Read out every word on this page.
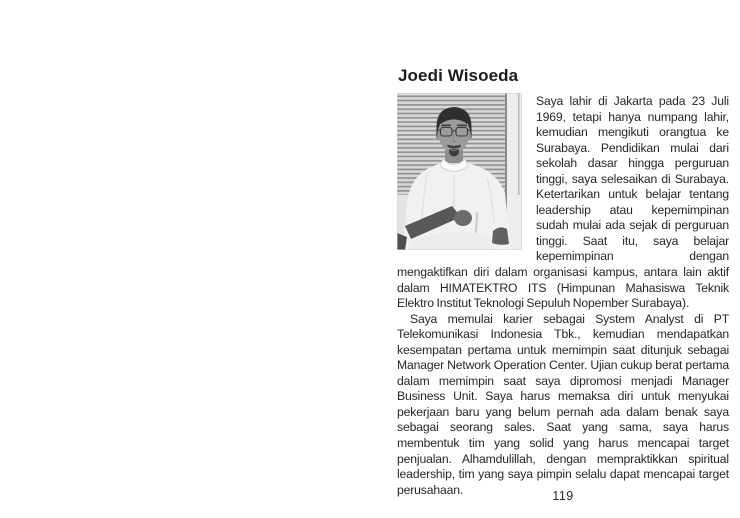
Joedi Wisoeda

Saya lahir di Jakarta pada 23 Juli 1969, tetapi hanya numpang lahir, kemudian mengikuti orangtua ke Surabaya. Pendidikan mulai dari sekolah dasar hingga perguruan tinggi, saya selesaikan di Surabaya. Ketertarikan untuk belajar tentang leadership atau kepemimpinan sudah mulai ada sejak di perguruan tinggi. Saat itu, saya belajar kepemimpinan dengan mengaktifkan diri dalam organisasi kampus, antara lain aktif dalam HIMATEKTRO ITS (Himpunan Mahasiswa Teknik Elektro Institut Teknologi Sepuluh Nopember Surabaya).

Saya memulai karier sebagai System Analyst di PT Telekomunikasi Indonesia Tbk., kemudian mendapatkan kesempatan pertama untuk memimpin saat ditunjuk sebagai Manager Network Operation Center. Ujian cukup berat pertama dalam memimpin saat saya dipromosi menjadi Manager Business Unit. Saya harus memaksa diri untuk menyukai pekerjaan baru yang belum pernah ada dalam benak saya sebagai seorang sales. Saat yang sama, saya harus membentuk tim yang solid yang harus mencapai target penjualan. Alhamdulillah, dengan mempraktikkan spiritual leadership, tim yang saya pimpin selalu dapat mencapai target perusahaan.	119
